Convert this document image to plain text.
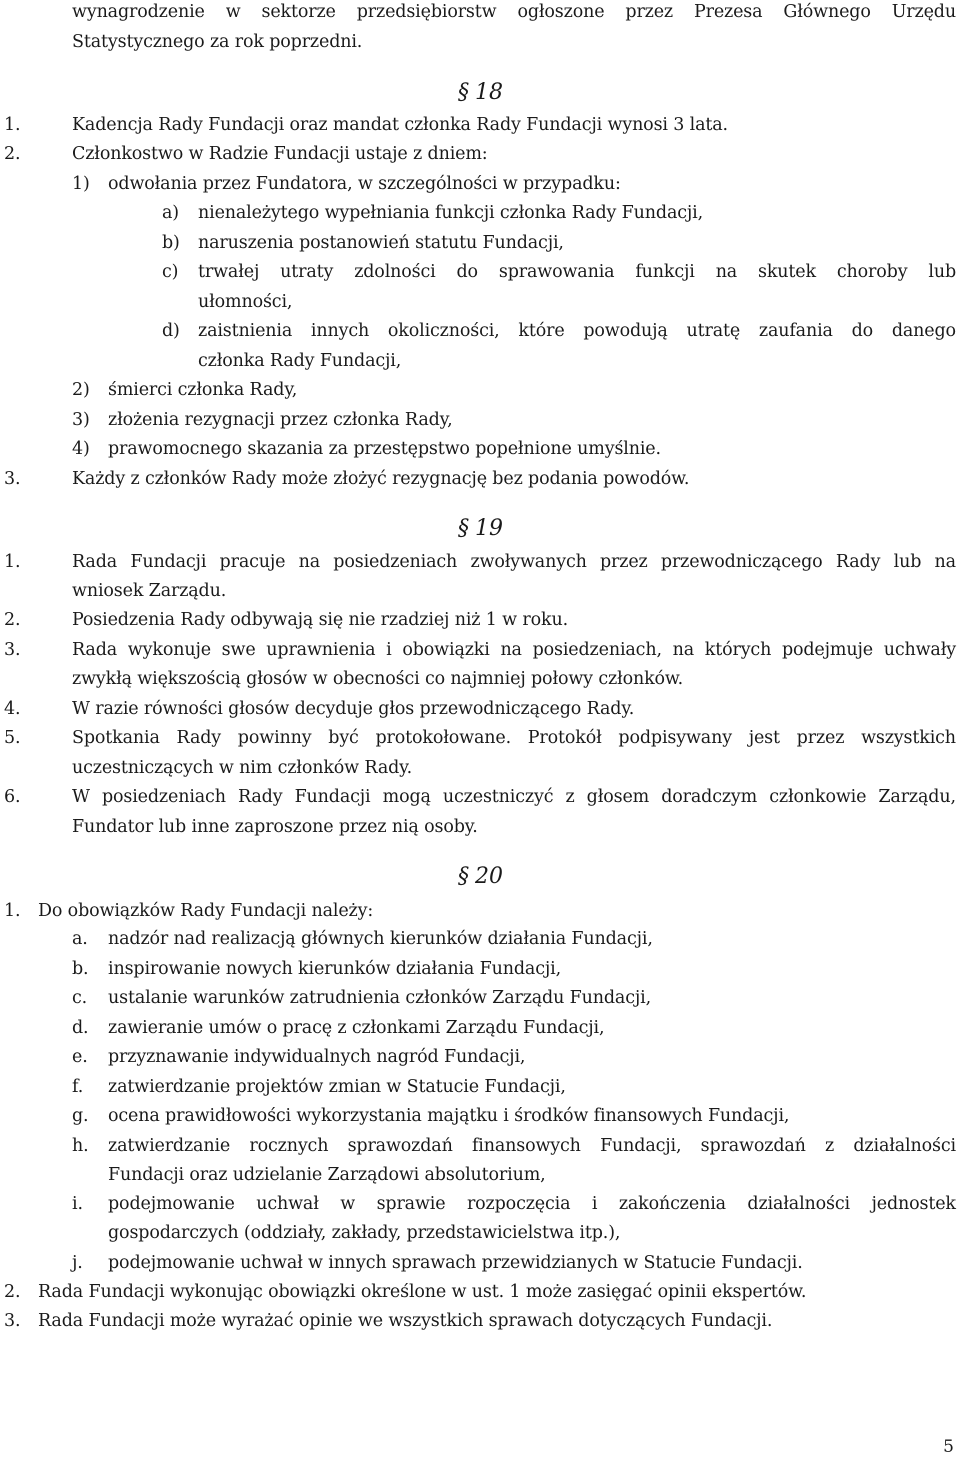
wynagrodzenie w sektorze przedsiębiorstw ogłoszone przez Prezesa Głównego Urzędu
Statystycznego za rok poprzedni.
§ 18
1.	Kadencja Rady Fundacji oraz mandat członka Rady Fundacji wynosi 3 lata.
2.	Członkostwo w Radzie Fundacji ustaje z dniem:
1) odwołania przez Fundatora, w szczególności w przypadku:
a) nienależytego wypełniania funkcji członka Rady Fundacji,
b) naruszenia postanowień statutu Fundacji,
c) trwałej utraty zdolności do sprawowania funkcji na skutek choroby lub
ułomności,
d) zaistnienia innych okoliczności, które powodują utratę zaufania do danego
członka Rady Fundacji,
2) śmierci członka Rady,
3) złożenia rezygnacji przez członka Rady,
4) prawomocnego skazania za przestępstwo popełnione umyślnie.
3.	Każdy z członków Rady może złożyć rezygnację bez podania powodów.
§ 19
1.	Rada Fundacji pracuje na posiedzeniach zwoływanych przez przewodniczącego Rady lub na
wniosek Zarządu.
2.	Posiedzenia Rady odbywają się nie rzadziej niż 1 w roku.
3.	Rada wykonuje swe uprawnienia i obowiązki na posiedzeniach, na których podejmuje uchwały
zwykłą większością głosów w obecności co najmniej połowy członków.
4.	W razie równości głosów decyduje głos przewodniczącego Rady.
5.	Spotkania Rady powinny być protokołowane. Protokół podpisywany jest przez wszystkich
uczestniczących w nim członków Rady.
6.	W posiedzeniach Rady Fundacji mogą uczestniczyć z głosem doradczym członkowie Zarządu,
Fundator lub inne zaproszone przez nią osoby.
§ 20
1. Do obowiązków Rady Fundacji należy:
a. nadzór nad realizacją głównych kierunków działania Fundacji,
b. inspirowanie nowych kierunków działania Fundacji,
c. ustalanie warunków zatrudnienia członków Zarządu Fundacji,
d. zawieranie umów o pracę z członkami Zarządu Fundacji,
e. przyznawanie indywidualnych nagród Fundacji,
f. zatwierdzanie projektów zmian w Statucie Fundacji,
g. ocena prawidłowości wykorzystania majątku i środków finansowych Fundacji,
h. zatwierdzanie rocznych sprawozdań finansowych Fundacji, sprawozdań z działalności
Fundacji oraz udzielanie Zarządowi absolutorium,
i. podejmowanie uchwał w sprawie rozpoczęcia i zakończenia działalności jednostek
gospodarczych (oddziały, zakłady, przedstawicielstwa itp.),
j. podejmowanie uchwał w innych sprawach przewidzianych w Statucie Fundacji.
2. Rada Fundacji wykonując obowiązki określone w ust. 1 może zasięgać opinii ekspertów.
3. Rada Fundacji może wyrażać opinie we wszystkich sprawach dotyczących Fundacji.
5
